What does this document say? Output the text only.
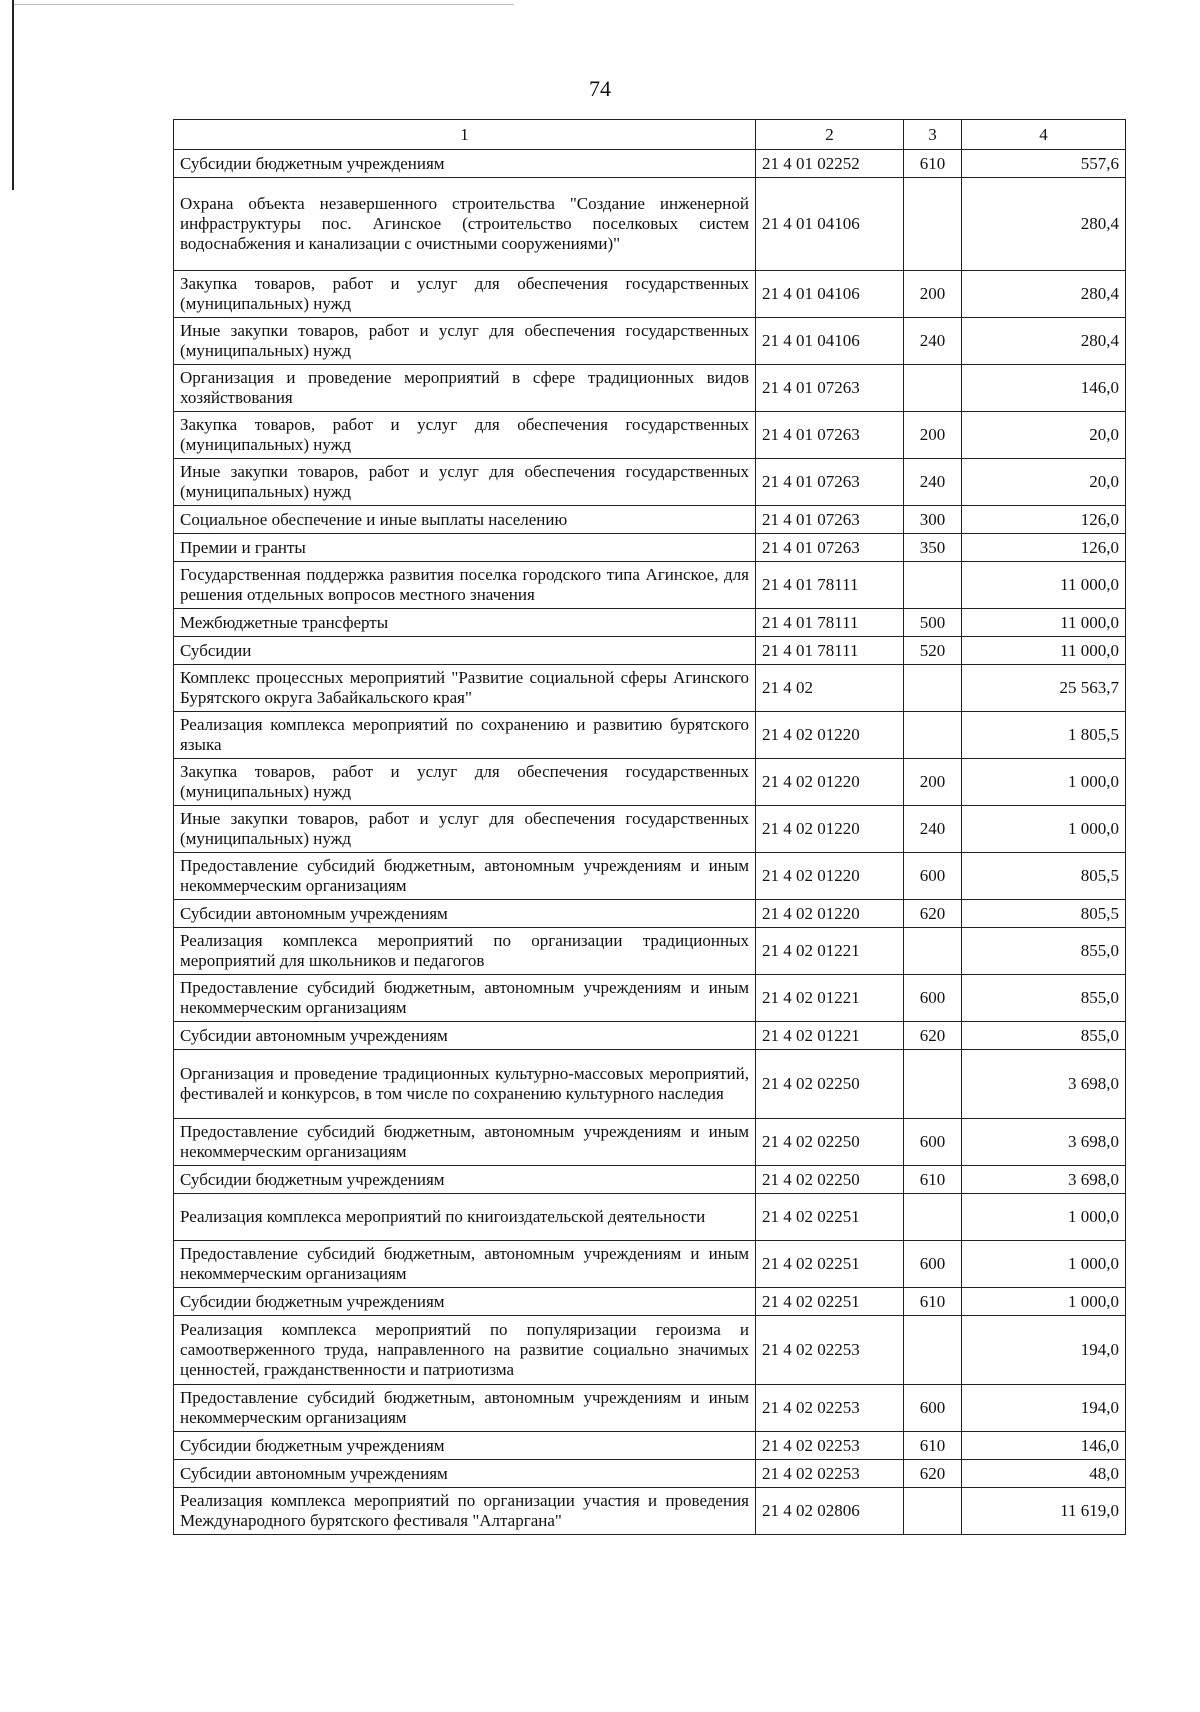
74
1	2	3	4
Субсидии бюджетным учреждениям	21 4 01 02252	610	557,6
Охрана объекта незавершенного строительства "Создание инженерной инфраструктуры пос. Агинское (строительство поселковых систем водоснабжения и канализации с очистными сооружениями)"	21 4 01 04106		280,4
Закупка товаров, работ и услуг для обеспечения государственных (муниципальных) нужд	21 4 01 04106	200	280,4
Иные закупки товаров, работ и услуг для обеспечения государственных (муниципальных) нужд	21 4 01 04106	240	280,4
Организация и проведение мероприятий в сфере традиционных видов хозяйствования	21 4 01 07263		146,0
Закупка товаров, работ и услуг для обеспечения государственных (муниципальных) нужд	21 4 01 07263	200	20,0
Иные закупки товаров, работ и услуг для обеспечения государственных (муниципальных) нужд	21 4 01 07263	240	20,0
Социальное обеспечение и иные выплаты населению	21 4 01 07263	300	126,0
Премии и гранты	21 4 01 07263	350	126,0
Государственная поддержка развития поселка городского типа Агинское, для решения отдельных вопросов местного значения	21 4 01 78111		11 000,0
Межбюджетные трансферты	21 4 01 78111	500	11 000,0
Субсидии	21 4 01 78111	520	11 000,0
Комплекс процессных мероприятий "Развитие социальной сферы Агинского Бурятского округа Забайкальского края"	21 4 02		25 563,7
Реализация комплекса мероприятий по сохранению и развитию бурятского языка	21 4 02 01220		1 805,5
Закупка товаров, работ и услуг для обеспечения государственных (муниципальных) нужд	21 4 02 01220	200	1 000,0
Иные закупки товаров, работ и услуг для обеспечения государственных (муниципальных) нужд	21 4 02 01220	240	1 000,0
Предоставление субсидий бюджетным, автономным учреждениям и иным некоммерческим организациям	21 4 02 01220	600	805,5
Субсидии автономным учреждениям	21 4 02 01220	620	805,5
Реализация комплекса мероприятий по организации традиционных мероприятий для школьников и педагогов	21 4 02 01221		855,0
Предоставление субсидий бюджетным, автономным учреждениям и иным некоммерческим организациям	21 4 02 01221	600	855,0
Субсидии автономным учреждениям	21 4 02 01221	620	855,0
Организация и проведение традиционных культурно-массовых мероприятий, фестивалей и конкурсов, в том числе по сохранению культурного наследия	21 4 02 02250		3 698,0
Предоставление субсидий бюджетным, автономным учреждениям и иным некоммерческим организациям	21 4 02 02250	600	3 698,0
Субсидии бюджетным учреждениям	21 4 02 02250	610	3 698,0
Реализация комплекса мероприятий по книгоиздательской деятельности	21 4 02 02251		1 000,0
Предоставление субсидий бюджетным, автономным учреждениям и иным некоммерческим организациям	21 4 02 02251	600	1 000,0
Субсидии бюджетным учреждениям	21 4 02 02251	610	1 000,0
Реализация комплекса мероприятий по популяризации героизма и самоотверженного труда, направленного на развитие социально значимых ценностей, гражданственности и патриотизма	21 4 02 02253		194,0
Предоставление субсидий бюджетным, автономным учреждениям и иным некоммерческим организациям	21 4 02 02253	600	194,0
Субсидии бюджетным учреждениям	21 4 02 02253	610	146,0
Субсидии автономным учреждениям	21 4 02 02253	620	48,0
Реализация комплекса мероприятий по организации участия и проведения Международного бурятского фестиваля "Алтаргана"	21 4 02 02806		11 619,0
